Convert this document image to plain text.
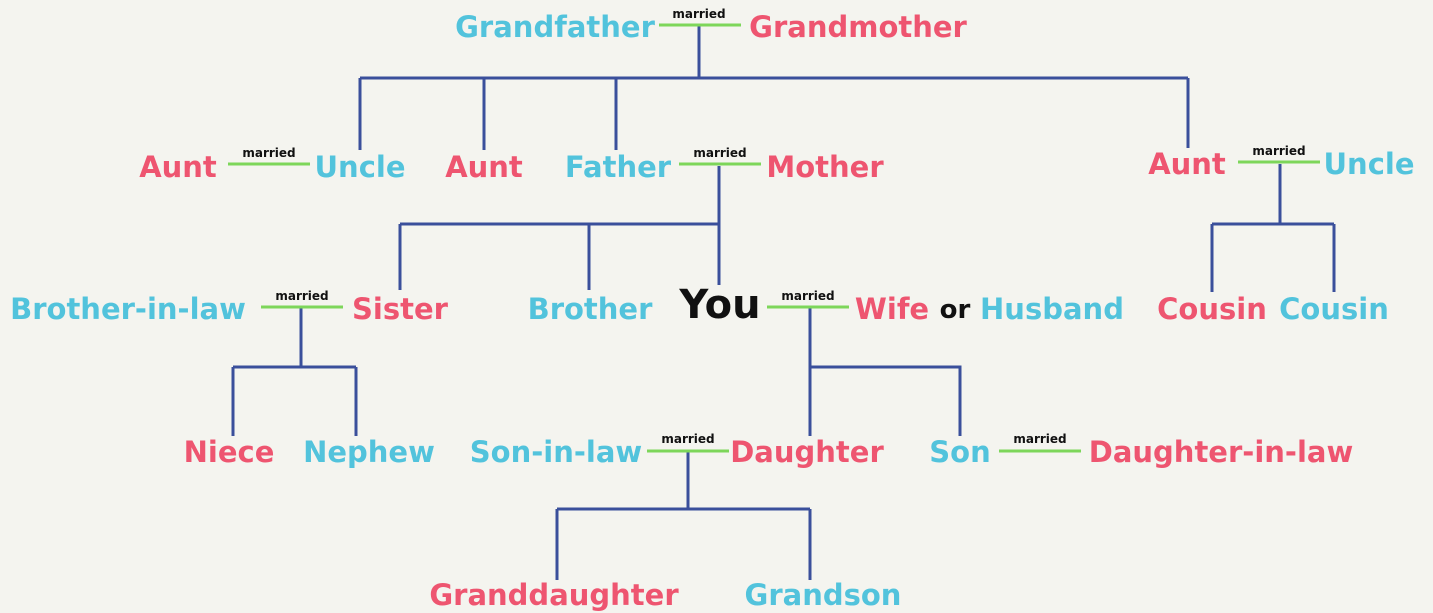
married
married	married	married
married	married
married	married
Grandfather	Grandmother
Aunt	Uncle Aunt Father	Mother	Aunt	Uncle
Brother-in-law	Sister	Brother You	Wife or Husband Cousin Cousin
Niece Nephew Son-in-law	Daughter Son	Daughter-in-law
Granddaughter Grandson
